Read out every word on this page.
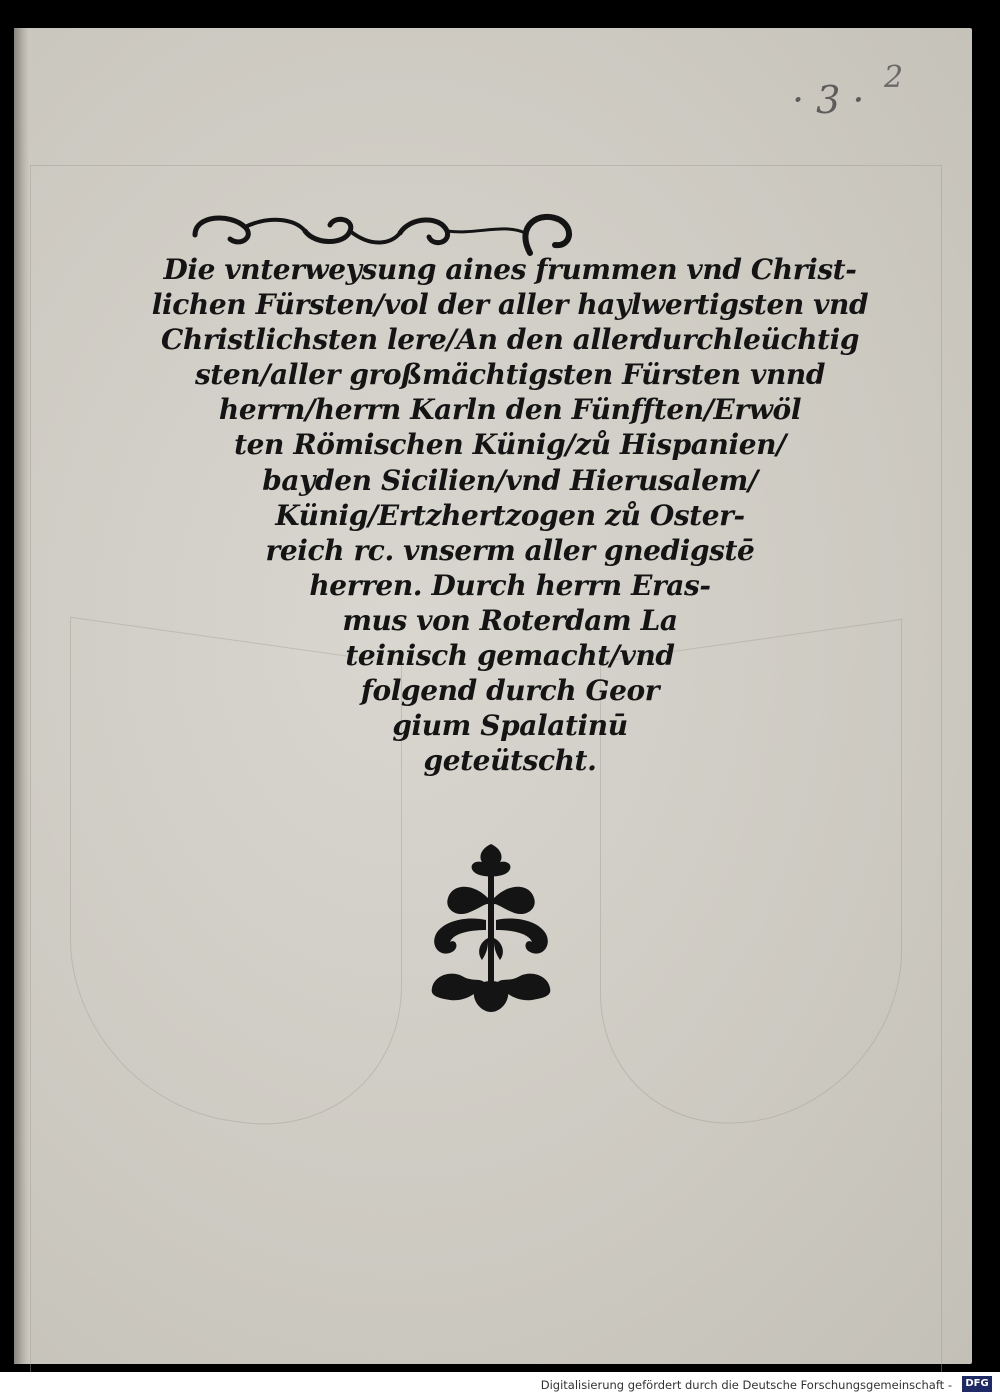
· 3 ·
2
Die vnterweysung aines frummen vnd Christ-
lichen Fürsten/vol der aller haylwertigsten vnd
Christlichsten lere/An den allerdurchleüchtig
sten/aller großmächtigsten Fürsten vnnd
herrn/herrn Karln den Fünfften/Erwöl
ten Römischen Künig/zů Hispanien/
bayden Sicilien/vnd Hierusalem/
Künig/Ertzhertzogen zů Oster-
reich rc. vnserm aller gnedigstē
herren. Durch herrn Eras-
mus von Roterdam La
teinisch gemacht/vnd
folgend durch Geor
gium Spalatinū
geteütscht.
Digitalisierung gefördert durch die Deutsche Forschungsgemeinschaft -	DFG
